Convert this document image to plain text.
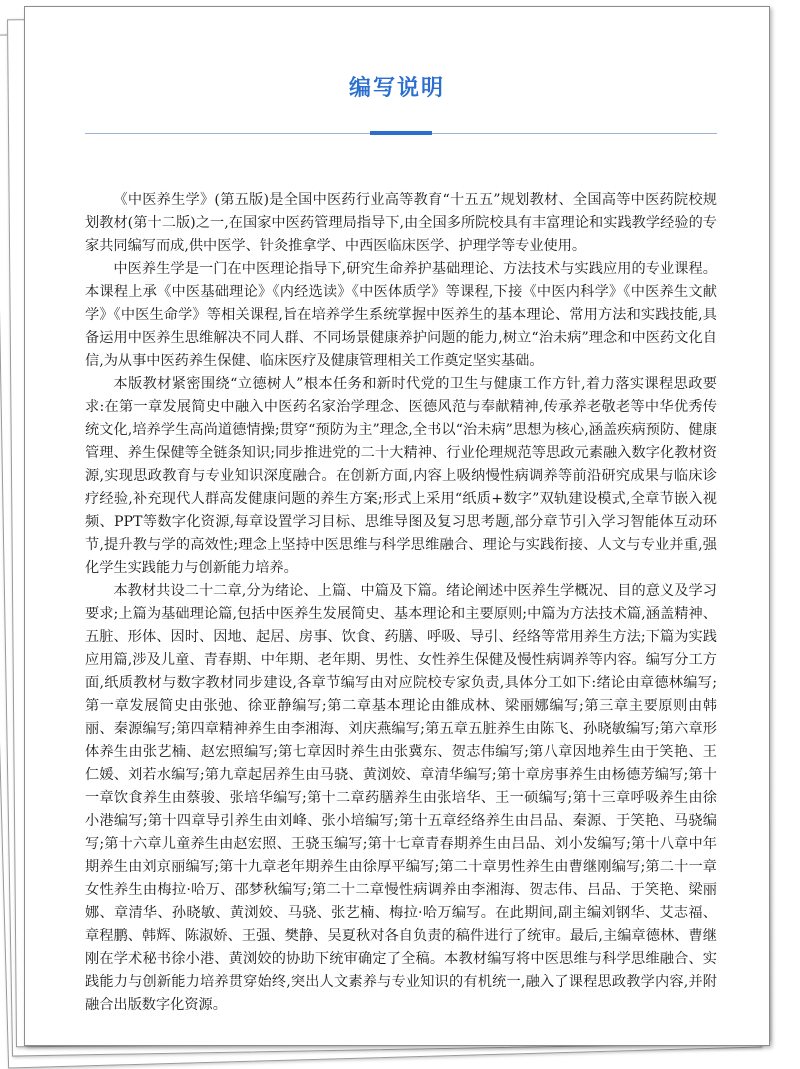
编写说明

《中医养生学》(第五版)是全国中医药行业高等教育“十五五”规划教材、全国高等中医药院校规划教材(第十二版)之一,在国家中医药管理局指导下,由全国多所院校具有丰富理论和实践教学经验的专家共同编写而成,供中医学、针灸推拿学、中西医临床医学、护理学等专业使用。

中医养生学是一门在中医理论指导下,研究生命养护基础理论、方法技术与实践应用的专业课程。本课程上承《中医基础理论》《内经选读》《中医体质学》等课程,下接《中医内科学》《中医养生文献学》《中医生命学》等相关课程,旨在培养学生系统掌握中医养生的基本理论、常用方法和实践技能,具备运用中医养生思维解决不同人群、不同场景健康养护问题的能力,树立“治未病”理念和中医药文化自信,为从事中医药养生保健、临床医疗及健康管理相关工作奠定坚实基础。

本版教材紧密围绕“立德树人”根本任务和新时代党的卫生与健康工作方针,着力落实课程思政要求:在第一章发展简史中融入中医药名家治学理念、医德风范与奉献精神,传承养老敬老等中华优秀传统文化,培养学生高尚道德情操;贯穿“预防为主”理念,全书以“治未病”思想为核心,涵盖疾病预防、健康管理、养生保健等全链条知识;同步推进党的二十大精神、行业伦理规范等思政元素融入数字化教材资源,实现思政教育与专业知识深度融合。在创新方面,内容上吸纳慢性病调养等前沿研究成果与临床诊疗经验,补充现代人群高发健康问题的养生方案;形式上采用“纸质+数字”双轨建设模式,全章节嵌入视频、PPT等数字化资源,每章设置学习目标、思维导图及复习思考题,部分章节引入学习智能体互动环节,提升教与学的高效性;理念上坚持中医思维与科学思维融合、理论与实践衔接、人文与专业并重,强化学生实践能力与创新能力培养。

本教材共设二十二章,分为绪论、上篇、中篇及下篇。绪论阐述中医养生学概况、目的意义及学习要求;上篇为基础理论篇,包括中医养生发展简史、基本理论和主要原则;中篇为方法技术篇,涵盖精神、五脏、形体、因时、因地、起居、房事、饮食、药膳、呼吸、导引、经络等常用养生方法;下篇为实践应用篇,涉及儿童、青春期、中年期、老年期、男性、女性养生保健及慢性病调养等内容。编写分工方面,纸质教材与数字教材同步建设,各章节编写由对应院校专家负责,具体分工如下:绪论由章德林编写;第一章发展简史由张弛、徐亚静编写;第二章基本理论由雒成林、梁丽娜编写;第三章主要原则由韩丽、秦源编写;第四章精神养生由李湘海、刘庆燕编写;第五章五脏养生由陈飞、孙晓敏编写;第六章形体养生由张艺楠、赵宏照编写;第七章因时养生由张冀东、贺志伟编写;第八章因地养生由于笑艳、王仁媛、刘若水编写;第九章起居养生由马骁、黄浏姣、章清华编写;第十章房事养生由杨德芳编写;第十一章饮食养生由蔡骏、张培华编写;第十二章药膳养生由张培华、王一硕编写;第十三章呼吸养生由徐小港编写;第十四章导引养生由刘峰、张小培编写;第十五章经络养生由吕品、秦源、于笑艳、马骁编写;第十六章儿童养生由赵宏照、王骁玉编写;第十七章青春期养生由吕品、刘小发编写;第十八章中年期养生由刘京丽编写;第十九章老年期养生由徐厚平编写;第二十章男性养生由曹继刚编写;第二十一章女性养生由梅拉·哈万、邵梦秋编写;第二十二章慢性病调养由李湘海、贺志伟、吕品、于笑艳、梁丽娜、章清华、孙晓敏、黄浏姣、马骁、张艺楠、梅拉·哈万编写。在此期间,副主编刘钢华、艾志福、章程鹏、韩辉、陈淑娇、王强、樊静、吴夏秋对各自负责的稿件进行了统审。最后,主编章德林、曹继刚在学术秘书徐小港、黄浏姣的协助下统审确定了全稿。本教材编写将中医思维与科学思维融合、实践能力与创新能力培养贯穿始终,突出人文素养与专业知识的有机统一,融入了课程思政教学内容,并附融合出版数字化资源。
